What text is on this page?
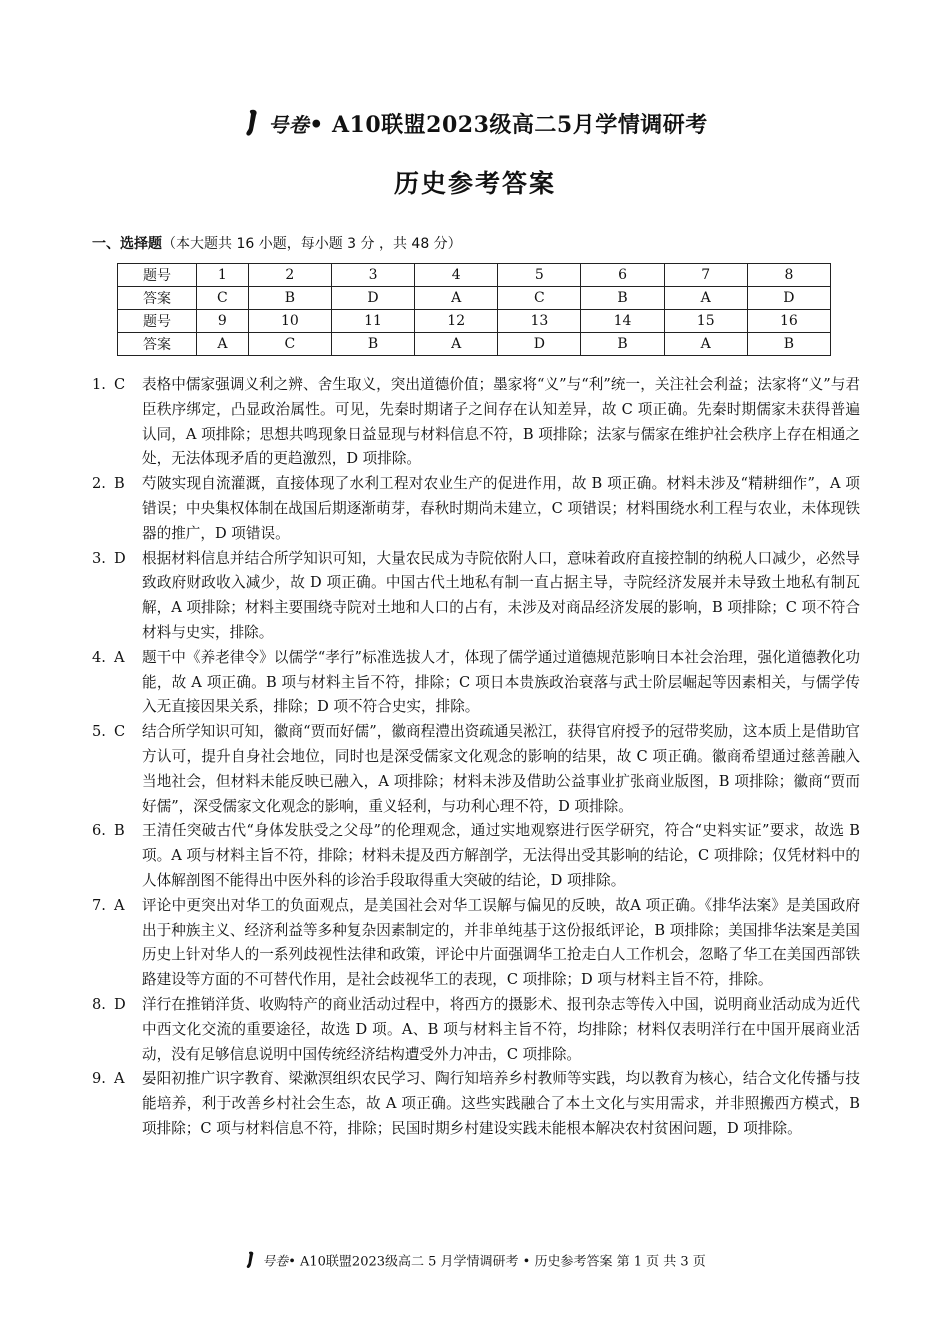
号卷• A10联盟2023级高二5月学情调研考
历史参考答案
一、选择题（本大题共 16 小题，每小题 3 分 ，共 48 分）
题号	1	2	3	4	5	6	7	8
答案	C	B	D	A	C	B	A	D
题号	9	10	11	12	13	14	15	16
答案	A	C	B	A	D	B	A	B
1. C 表格中儒家强调义利之辨、舍生取义，突出道德价值；墨家将“义”与“利”统一，关注社会利益；法家将“义”与君臣秩序绑定，凸显政治属性。可见，先秦时期诸子之间存在认知差异，故 C 项正确。先秦时期儒家未获得普遍认同，A 项排除；思想共鸣现象日益显现与材料信息不符，B 项排除；法家与儒家在维护社会秩序上存在相通之处，无法体现矛盾的更趋激烈，D 项排除。
2. B 芍陂实现自流灌溉，直接体现了水利工程对农业生产的促进作用，故 B 项正确。材料未涉及“精耕细作”，A 项错误；中央集权体制在战国后期逐渐萌芽，春秋时期尚未建立，C 项错误；材料围绕水利工程与农业，未体现铁器的推广，D 项错误。
3. D 根据材料信息并结合所学知识可知，大量农民成为寺院依附人口，意味着政府直接控制的纳税人口减少，必然导致政府财政收入减少，故 D 项正确。中国古代土地私有制一直占据主导，寺院经济发展并未导致土地私有制瓦解，A 项排除；材料主要围绕寺院对土地和人口的占有，未涉及对商品经济发展的影响，B 项排除；C 项不符合材料与史实，排除。
4. A 题干中《养老律令》以儒学“孝行”标准选拔人才，体现了儒学通过道德规范影响日本社会治理，强化道德教化功能，故 A 项正确。B 项与材料主旨不符，排除；C 项日本贵族政治衰落与武士阶层崛起等因素相关，与儒学传入无直接因果关系，排除；D 项不符合史实，排除。
5. C 结合所学知识可知，徽商“贾而好儒”，徽商程澧出资疏通吴淞江，获得官府授予的冠带奖励，这本质上是借助官方认可，提升自身社会地位，同时也是深受儒家文化观念的影响的结果，故 C 项正确。徽商希望通过慈善融入当地社会，但材料未能反映已融入，A 项排除；材料未涉及借助公益事业扩张商业版图，B 项排除；徽商“贾而好儒”，深受儒家文化观念的影响，重义轻利，与功利心理不符，D 项排除。
6. B 王清任突破古代“身体发肤受之父母”的伦理观念，通过实地观察进行医学研究，符合“史料实证”要求，故选 B 项。A 项与材料主旨不符，排除；材料未提及西方解剖学，无法得出受其影响的结论，C 项排除；仅凭材料中的人体解剖图不能得出中医外科的诊治手段取得重大突破的结论，D 项排除。
7. A 评论中更突出对华工的负面观点，是美国社会对华工误解与偏见的反映，故A 项正确。《排华法案》是美国政府出于种族主义、经济利益等多种复杂因素制定的，并非单纯基于这份报纸评论，B 项排除；美国排华法案是美国历史上针对华人的一系列歧视性法律和政策，评论中片面强调华工抢走白人工作机会，忽略了华工在美国西部铁路建设等方面的不可替代作用，是社会歧视华工的表现，C 项排除；D 项与材料主旨不符，排除。
8. D 洋行在推销洋货、收购特产的商业活动过程中，将西方的摄影术、报刊杂志等传入中国，说明商业活动成为近代中西文化交流的重要途径，故选 D 项。A、B 项与材料主旨不符，均排除；材料仅表明洋行在中国开展商业活动，没有足够信息说明中国传统经济结构遭受外力冲击，C 项排除。
9. A 晏阳初推广识字教育、梁漱溟组织农民学习、陶行知培养乡村教师等实践，均以教育为核心，结合文化传播与技能培养，利于改善乡村社会生态，故 A 项正确。这些实践融合了本土文化与实用需求，并非照搬西方模式，B 项排除；C 项与材料信息不符，排除；民国时期乡村建设实践未能根本解决农村贫困问题，D 项排除。
号卷• A10联盟2023级高二 5 月学情调研考 • 历史参考答案 第 1 页 共 3 页
